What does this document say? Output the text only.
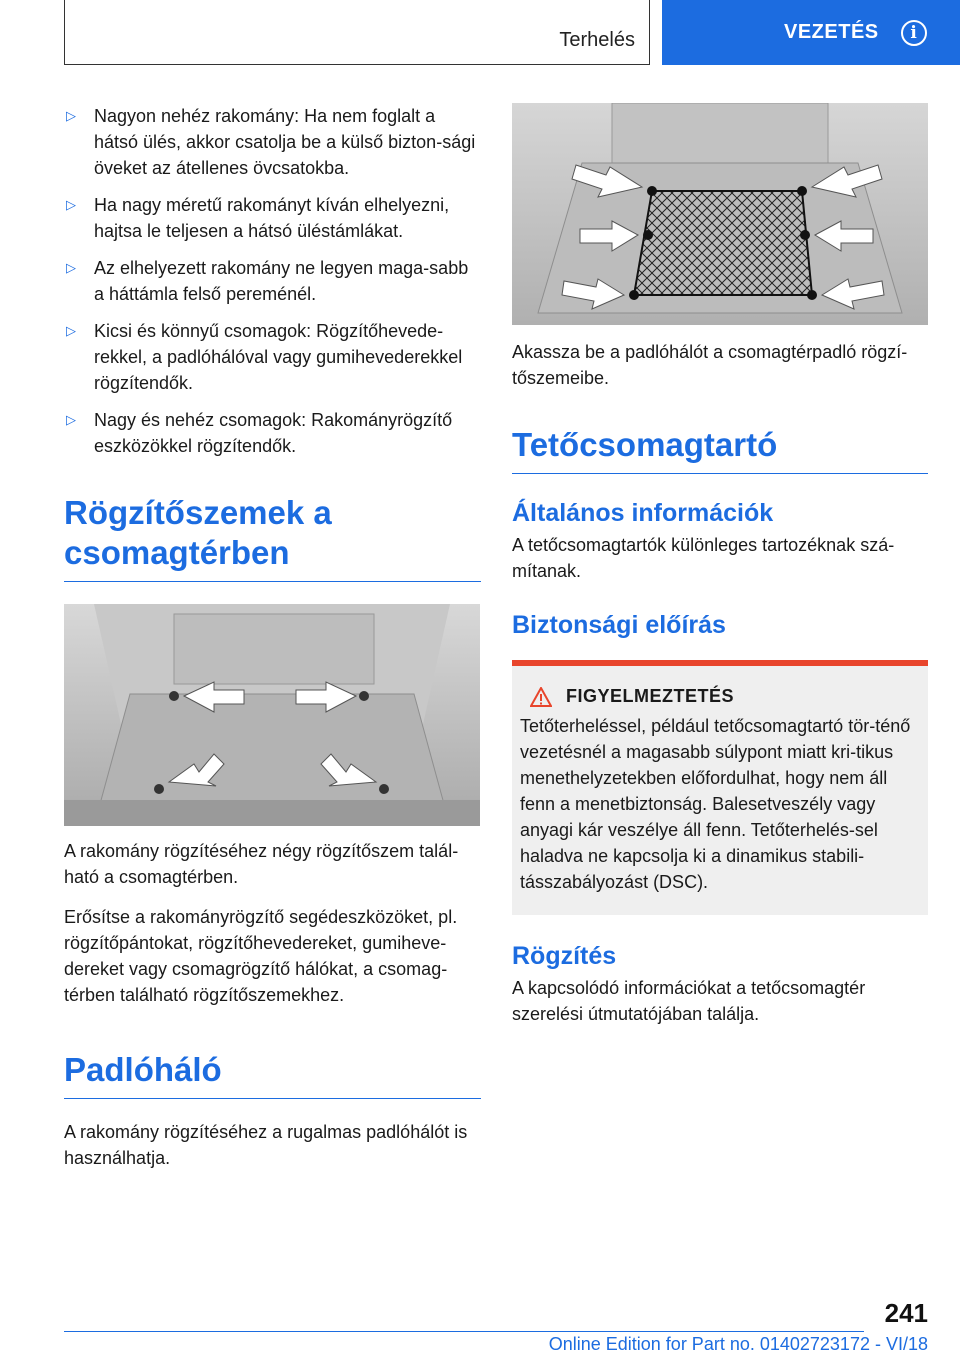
Terhelés	VEZETÉS	i
▷ Nagyon nehéz rakomány: Ha nem foglalt a hátsó ülés, akkor csatolja be a külső bizton‐sági öveket az átellenes övcsatokba.
▷ Ha nagy méretű rakományt kíván elhelyezni, hajtsa le teljesen a hátsó üléstámlákat.
▷ Az elhelyezett rakomány ne legyen maga‐sabb a háttámla felső pereménél.
▷ Kicsi és könnyű csomagok: Rögzítőhevede‐rekkel, a padlóhálóval vagy gumihevederekkel rögzítendők.
▷ Nagy és nehéz csomagok: Rakományrögzítő eszközökkel rögzítendők.
Rögzítőszemek a csomagtérben

A rakomány rögzítéséhez négy rögzítőszem talál‐ható a csomagtérben.

Erősítse a rakományrögzítő segédeszközöket, pl. rögzítőpántokat, rögzítőhevedereket, gumiheve‐dereket vagy csomagrögzítő hálókat, a csomag‐térben található rögzítőszemekhez.

Padlóháló

A rakomány rögzítéséhez a rugalmas padlóhálót is használhatja.

Akassza be a padlóhálót a csomagtérpadló rögzí‐tőszemeibe.

Tetőcsomagtartó
Általános információk

A tetőcsomagtartók különleges tartozéknak szá‐mítanak.

Biztonsági előírás
FIGYELMEZTETÉS

Tetőterheléssel, például tetőcsomagtartó tör‐ténő vezetésnél a magasabb súlypont miatt kri‐tikus menethelyzetekben előfordulhat, hogy nem áll fenn a menetbiztonság. Balesetveszély vagy anyagi kár veszélye áll fenn. Tetőterhelés‐sel haladva ne kapcsolja ki a dinamikus stabili‐tásszabályozást (DSC).

Rögzítés

A kapcsolódó információkat a tetőcsomagtér szerelési útmutatójában találja.

241
Online Edition for Part no. 01402723172 - VI/18
